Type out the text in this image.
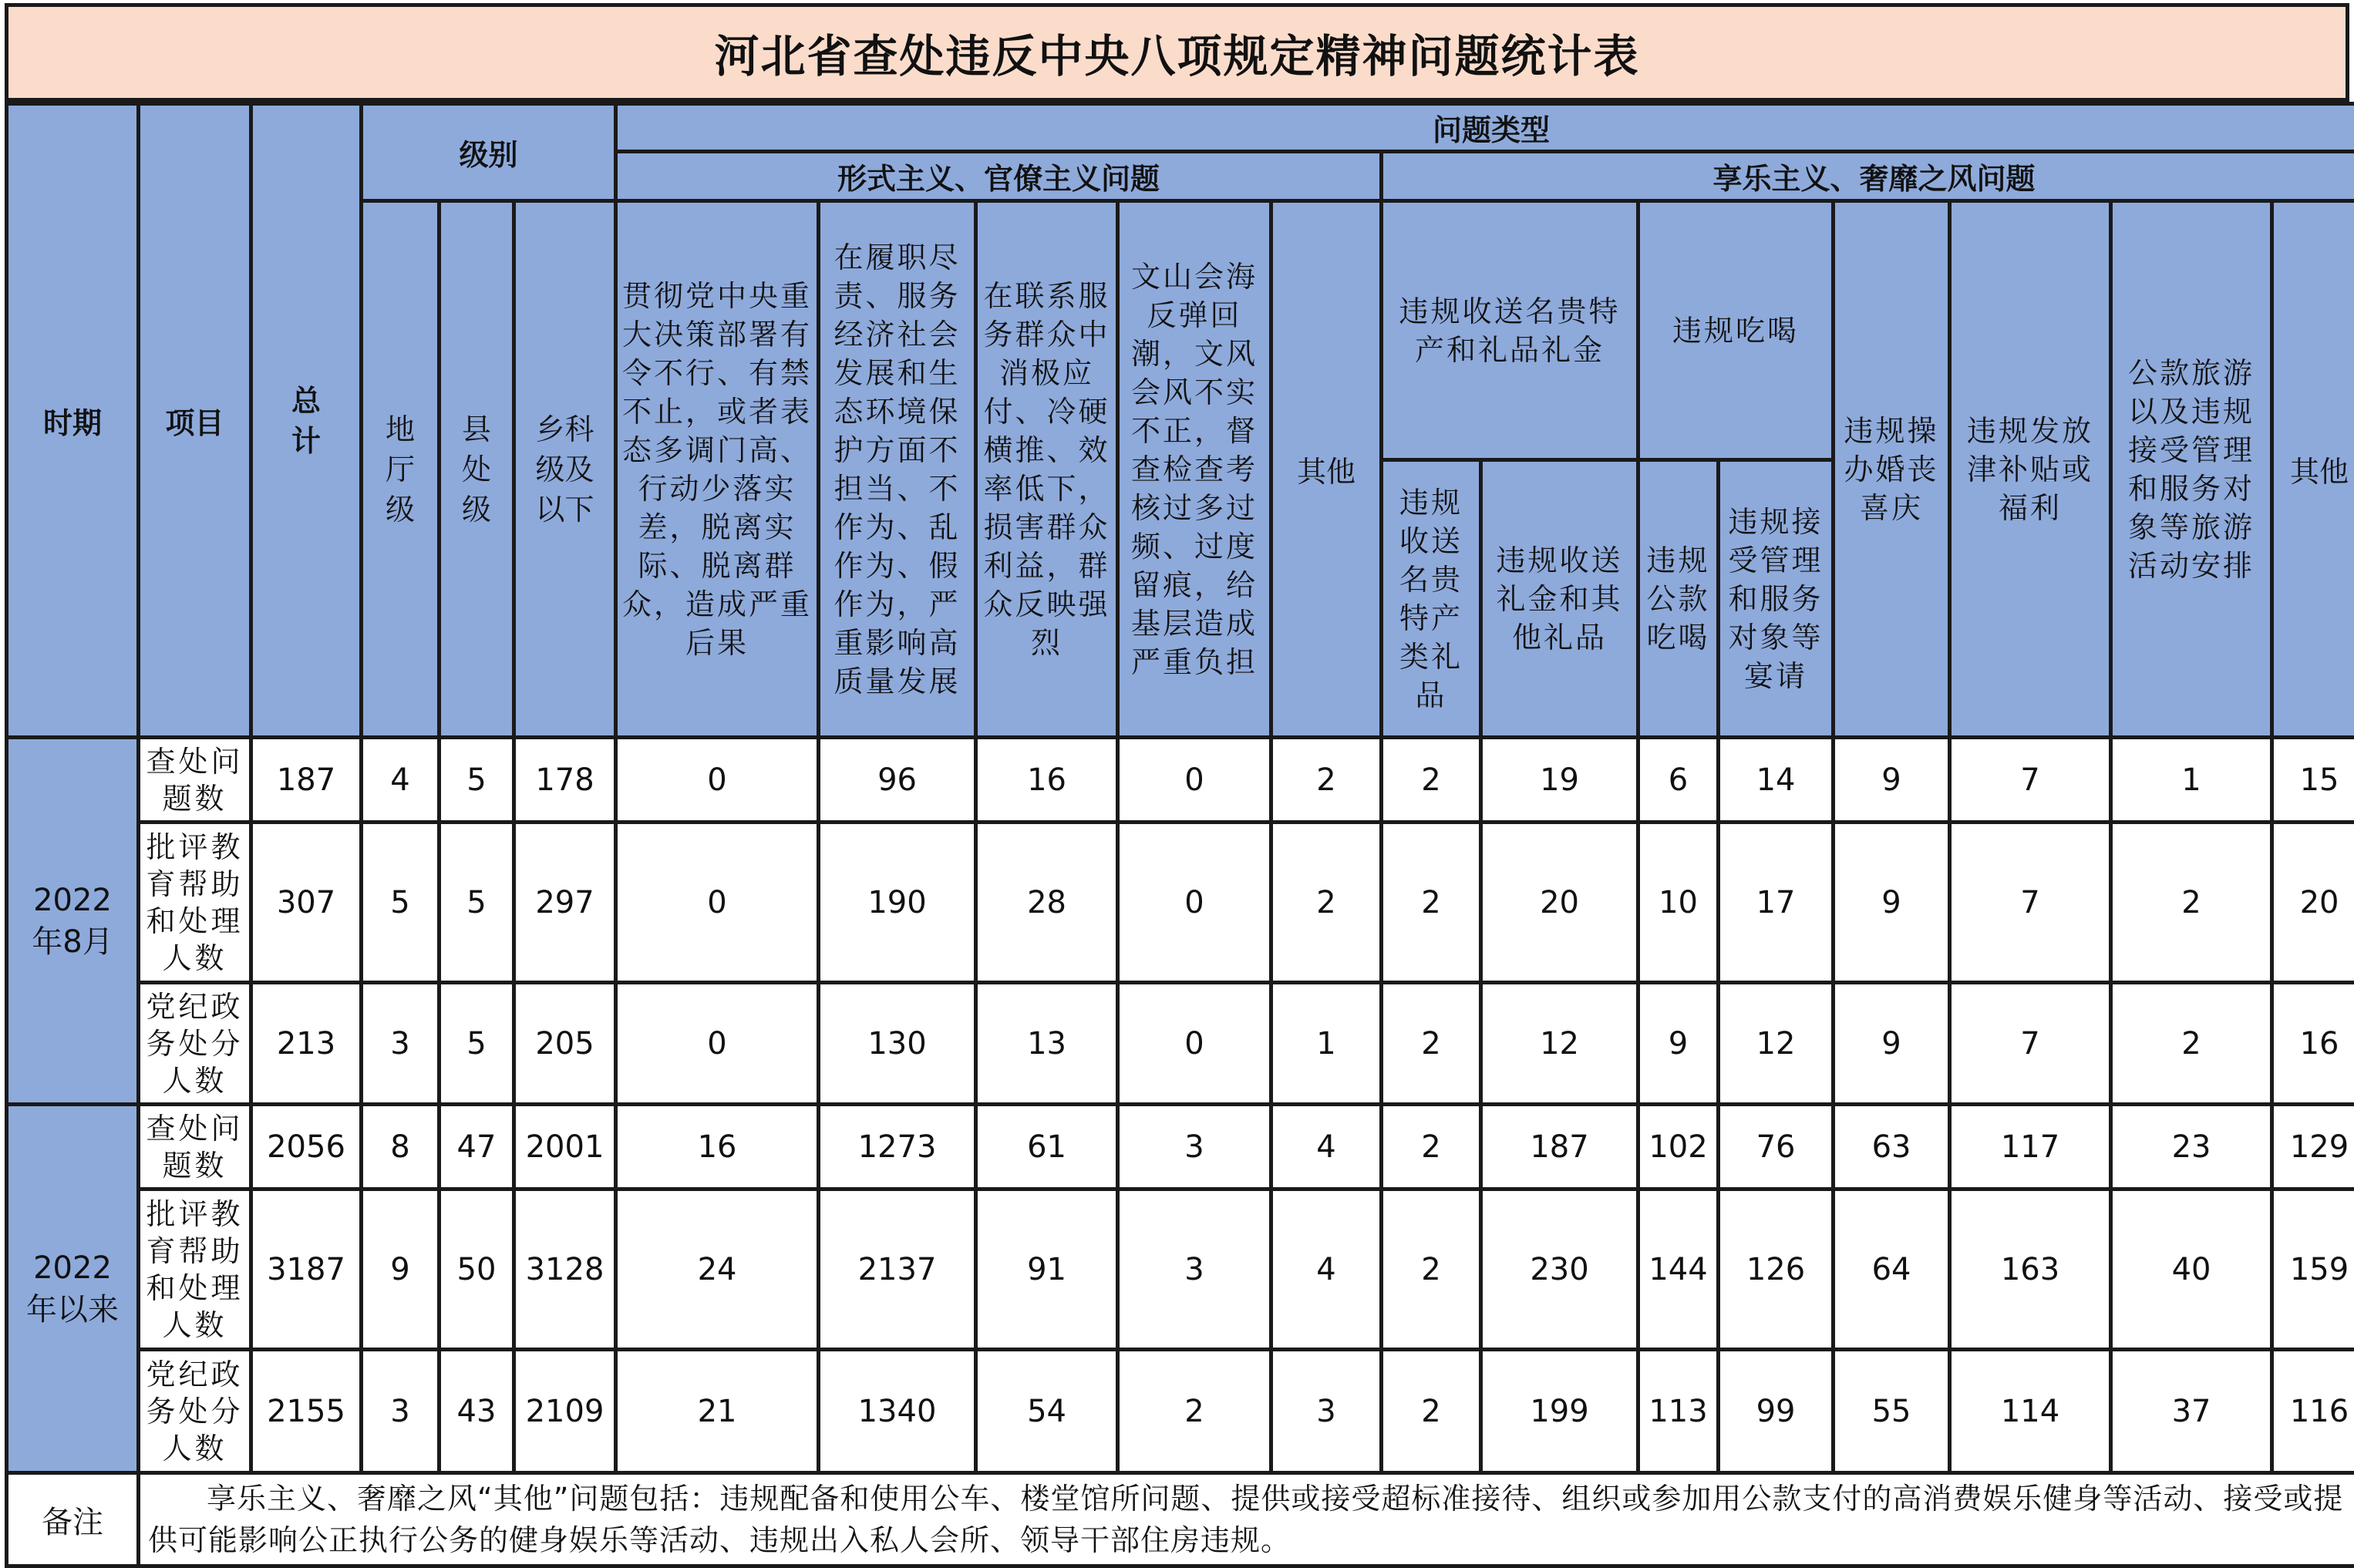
河北省查处违反中央八项规定精神问题统计表
时期	项目	总计	级别			问题类型												
						形式主义、官僚主义问题					享乐主义、奢靡之风问题							

			地厅级	县处级	乡科级及以下	贯彻党中央重大决策部署有令不行、有禁不止，或者表态多调门高、行动少落实差，脱离实际、脱离群众，造成严重后果	在履职尽责、服务经济社会发展和生态环境保护方面不担当、不作为、乱作为、假作为，严重影响高质量发展	在联系服务群众中消极应付、冷硬横推、效率低下，损害群众利益，群众反映强烈	文山会海反弹回潮，文风会风不实不正，督查检查考核过多过频、过度留痕，给基层造成严重负担	其他	违规收送名贵特产和礼品礼金		违规吃喝		违规操办婚丧喜庆	违规发放津补贴或福利	公款旅游以及违规接受管理和服务对象等旅游活动安排	其他
											违规收送名贵特产类礼品	违规收送礼金和其他礼品	违规公款吃喝	违规接受管理和服务对象等宴请				

2022年8月	查处问题数	187	4	5	178	0	96	16	0	2	2	19	6	14	9	7	1	15
	批评教育帮助和处理人数	307	5	5	297	0	190	28	0	2	2	20	10	17	9	7	2	20
	党纪政务处分人数	213	3	5	205	0	130	13	0	1	2	12	9	12	9	7	2	16

2022年以来	查处问题数	2056	8	47	2001	16	1273	61	3	4	2	187	102	76	63	117	23	129
	批评教育帮助和处理人数	3187	9	50	3128	24	2137	91	3	4	2	230	144	126	64	163	40	159
	党纪政务处分人数	2155	3	43	2109	21	1340	54	2	3	2	199	113	99	55	114	37	116
备注	享乐主义、奢靡之风“其他”问题包括：违规配备和使用公车、楼堂馆所问题、提供或接受超标准接待、组织或参加用公款支付的高消费娱乐健身等活动、接受或提供可能影响公正执行公务的健身娱乐等活动、违规出入私人会所、领导干部住房违规。																	
